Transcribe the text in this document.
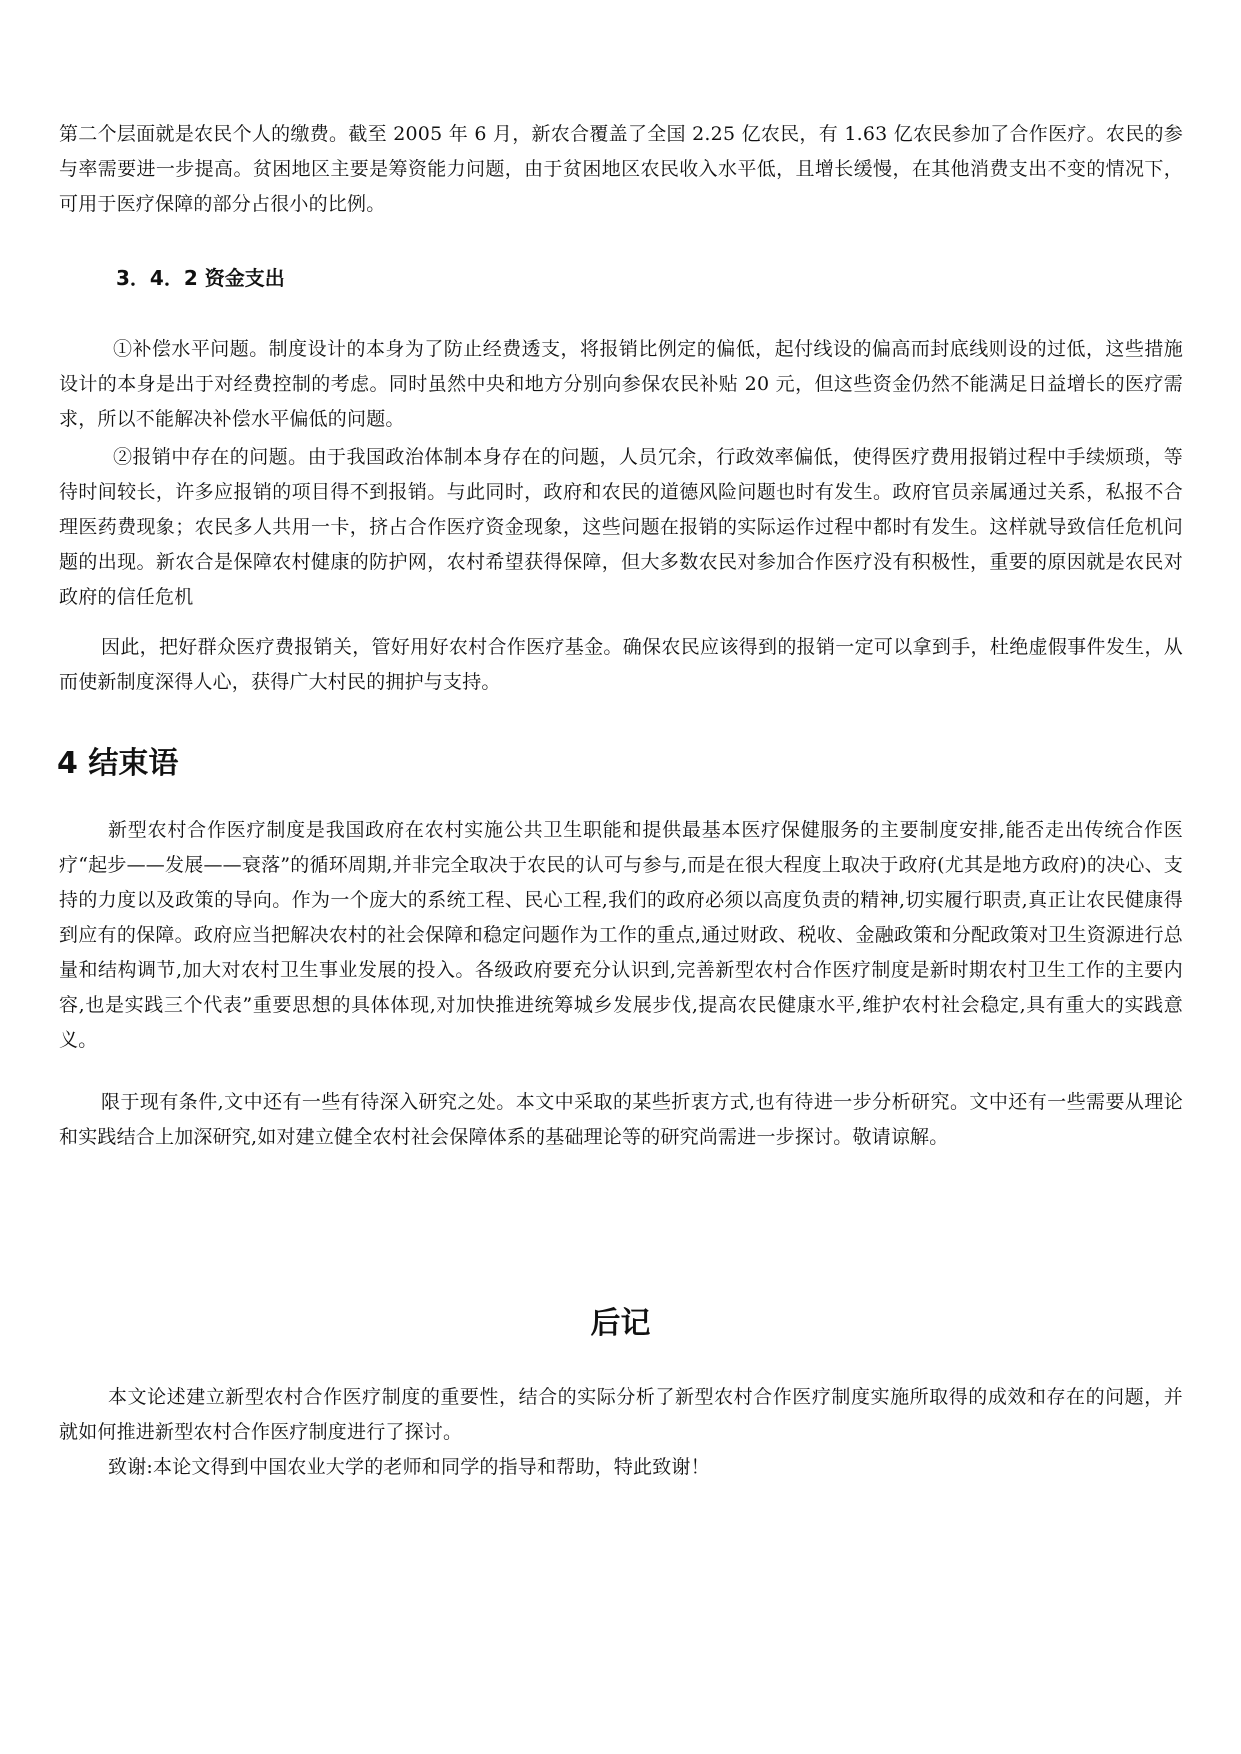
第二个层面就是农民个人的缴费。截至 2005 年 6 月，新农合覆盖了全国 2.25 亿农民，有 1.63 亿农民参加了合作医疗。农民的参与率需要进一步提高。贫困地区主要是筹资能力问题，由于贫困地区农民收入水平低，且增长缓慢，在其他消费支出不变的情况下，可用于医疗保障的部分占很小的比例。

3．4．2 资金支出

①补偿水平问题。制度设计的本身为了防止经费透支，将报销比例定的偏低，起付线设的偏高而封底线则设的过低，这些措施设计的本身是出于对经费控制的考虑。同时虽然中央和地方分别向参保农民补贴 20 元，但这些资金仍然不能满足日益增长的医疗需求，所以不能解决补偿水平偏低的问题。

②报销中存在的问题。由于我国政治体制本身存在的问题，人员冗余，行政效率偏低，使得医疗费用报销过程中手续烦琐，等待时间较长，许多应报销的项目得不到报销。与此同时，政府和农民的道德风险问题也时有发生。政府官员亲属通过关系，私报不合理医药费现象；农民多人共用一卡，挤占合作医疗资金现象，这些问题在报销的实际运作过程中都时有发生。这样就导致信任危机问题的出现。新农合是保障农村健康的防护网，农村希望获得保障，但大多数农民对参加合作医疗没有积极性，重要的原因就是农民对政府的信任危机

因此，把好群众医疗费报销关，管好用好农村合作医疗基金。确保农民应该得到的报销一定可以拿到手，杜绝虚假事件发生，从而使新制度深得人心，获得广大村民的拥护与支持。

4 结束语

新型农村合作医疗制度是我国政府在农村实施公共卫生职能和提供最基本医疗保健服务的主要制度安排,能否走出传统合作医疗“起步——发展——衰落”的循环周期,并非完全取决于农民的认可与参与,而是在很大程度上取决于政府(尤其是地方政府)的决心、支持的力度以及政策的导向。作为一个庞大的系统工程、民心工程,我们的政府必须以高度负责的精神,切实履行职责,真正让农民健康得到应有的保障。政府应当把解决农村的社会保障和稳定问题作为工作的重点,通过财政、税收、金融政策和分配政策对卫生资源进行总量和结构调节,加大对农村卫生事业发展的投入。各级政府要充分认识到,完善新型农村合作医疗制度是新时期农村卫生工作的主要内容,也是实践三个代表”重要思想的具体体现,对加快推进统筹城乡发展步伐,提高农民健康水平,维护农村社会稳定,具有重大的实践意义。

限于现有条件,文中还有一些有待深入研究之处。本文中采取的某些折衷方式,也有待进一步分析研究。文中还有一些需要从理论和实践结合上加深研究,如对建立健全农村社会保障体系的基础理论等的研究尚需进一步探讨。敬请谅解。

后记

本文论述建立新型农村合作医疗制度的重要性，结合的实际分析了新型农村合作医疗制度实施所取得的成效和存在的问题，并就如何推进新型农村合作医疗制度进行了探讨。

致谢:本论文得到中国农业大学的老师和同学的指导和帮助，特此致谢！
